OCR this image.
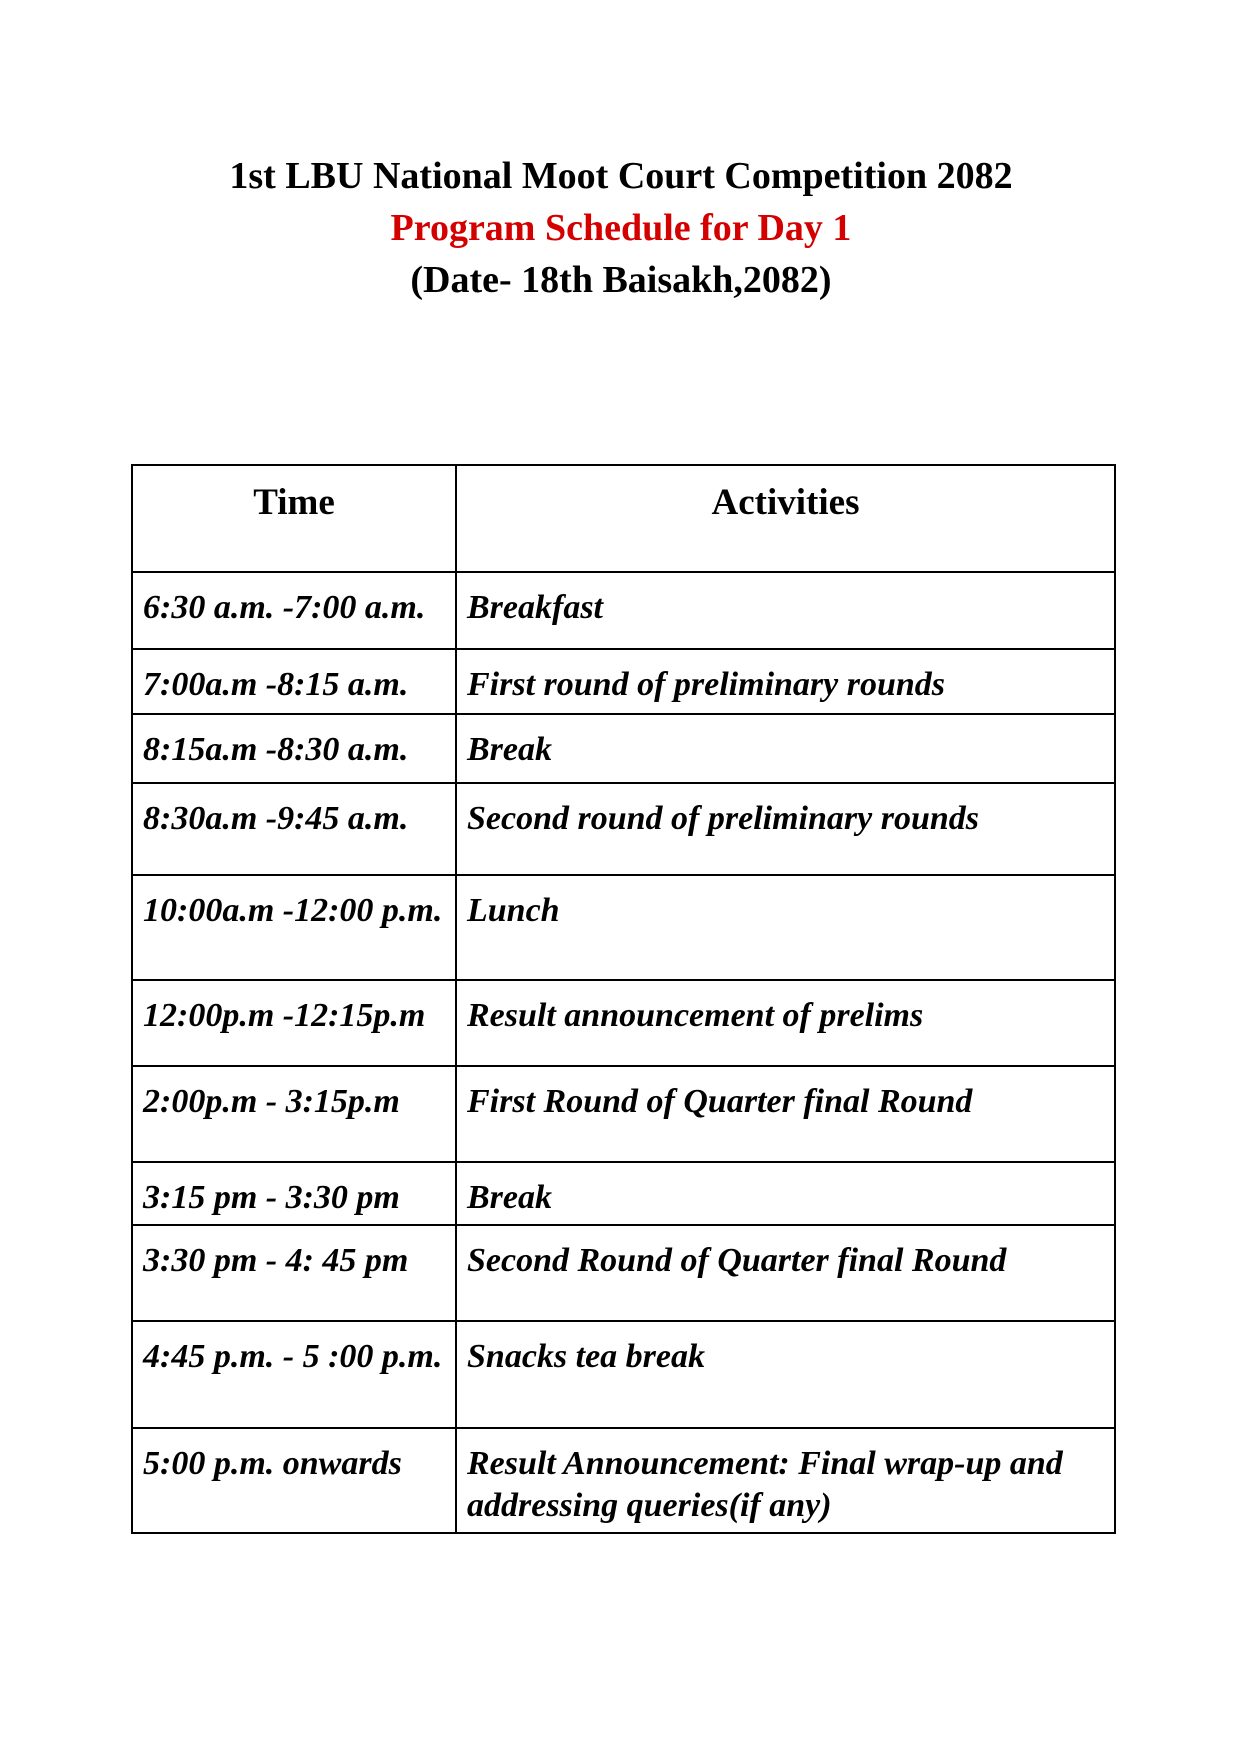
1st LBU National Moot Court Competition 2082
Program Schedule for Day 1
(Date- 18th Baisakh,2082)
Time	Activities
6:30 a.m. -7:00 a.m.	Breakfast
7:00a.m -8:15 a.m.	First round of preliminary rounds
8:15a.m -8:30 a.m.	Break
8:30a.m -9:45 a.m.	Second round of preliminary rounds
10:00a.m -12:00 p.m.	Lunch
12:00p.m -12:15p.m	Result announcement of prelims
2:00p.m - 3:15p.m	First Round of Quarter final Round
3:15 pm - 3:30 pm	Break
3:30 pm - 4: 45 pm	Second Round of Quarter final Round
4:45 p.m. - 5 :00 p.m.	Snacks tea break
5:00 p.m. onwards	Result Announcement: Final wrap-up and addressing queries(if any)
